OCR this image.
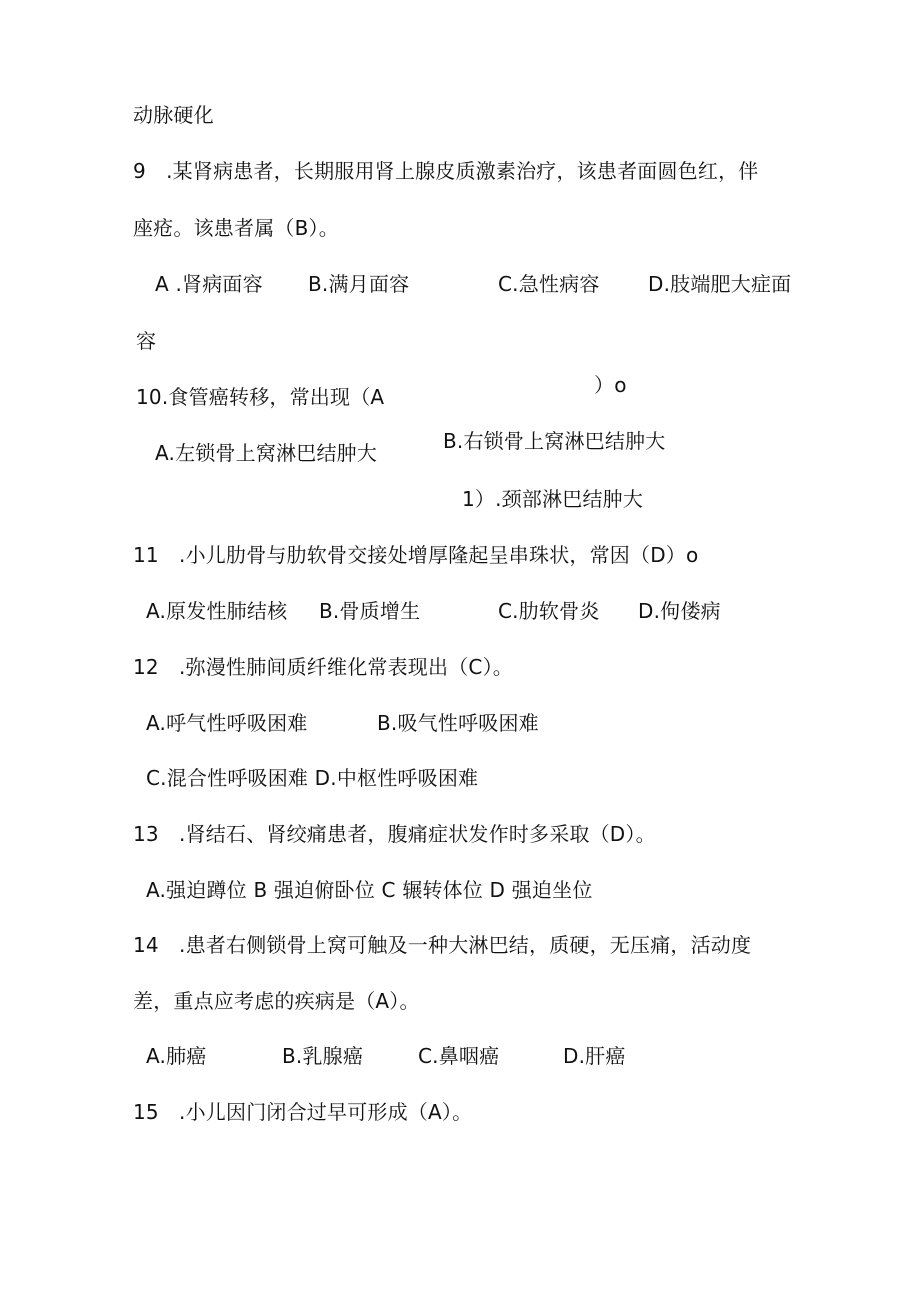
动脉硬化
9　.某肾病患者，长期服用肾上腺皮质激素治疗，该患者面圆色红，伴
座疮。该患者属（B）。
A .肾病面容 B.满月面容	C.急性病容 D.肢端肥大症面
容
10.食管癌转移，常出现（A	）o
B.右锁骨上窝淋巴结肿大
A.左锁骨上窝淋巴结肿大
1）.颈部淋巴结肿大
11　.小儿肋骨与肋软骨交接处增厚隆起呈串珠状，常因（D）o
A.原发性肺结核 B.骨质增生	C.肋软骨炎 D.佝偻病
12　.弥漫性肺间质纤维化常表现出（C）。
A.呼气性呼吸困难	B.吸气性呼吸困难
C.混合性呼吸困难 D.中枢性呼吸困难
13　.肾结石、肾绞痛患者，腹痛症状发作时多采取（D）。
A.强迫蹲位 B 强迫俯卧位 C 辗转体位 D 强迫坐位
14　.患者右侧锁骨上窝可触及一种大淋巴结，质硬，无压痛，活动度
差，重点应考虑的疾病是（A）。
A.肺癌	B.乳腺癌	C.鼻咽癌	D.肝癌
15　.小儿因门闭合过早可形成（A）。
